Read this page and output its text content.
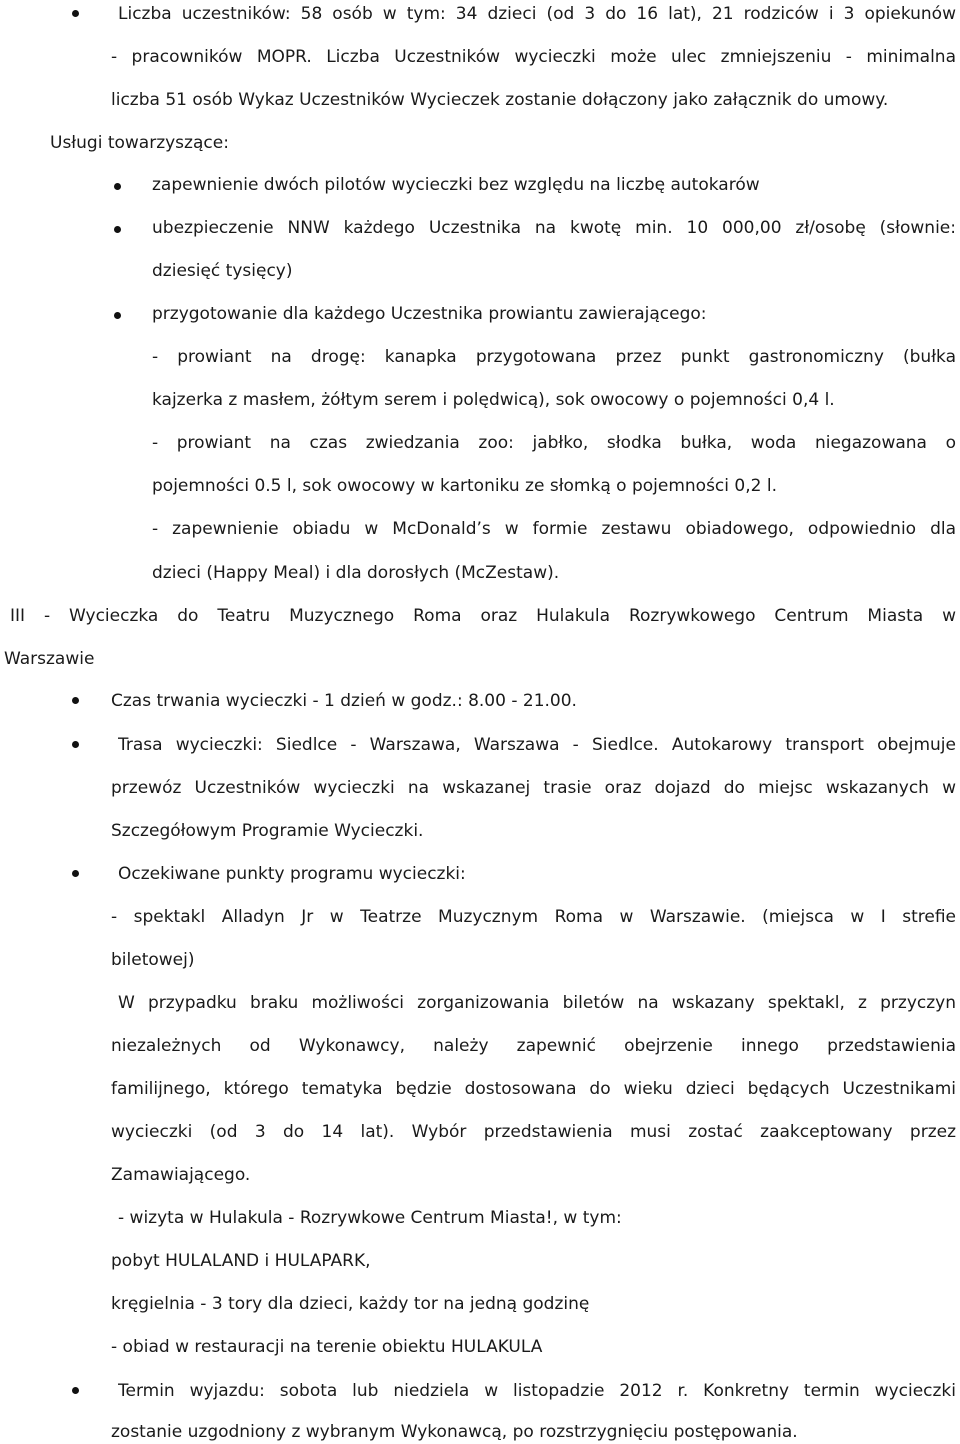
Liczba uczestników: 58 osób w tym: 34 dzieci (od 3 do 16 lat), 21 rodziców i 3 opiekunów
- pracowników MOPR. Liczba Uczestników wycieczki może ulec zmniejszeniu - minimalna
liczba 51 osób Wykaz Uczestników Wycieczek zostanie dołączony jako załącznik do umowy.
Usługi towarzyszące:
zapewnienie dwóch pilotów wycieczki bez względu na liczbę autokarów
ubezpieczenie NNW każdego Uczestnika na kwotę min. 10 000,00 zł/osobę (słownie:
dziesięć tysięcy)
przygotowanie dla każdego Uczestnika prowiantu zawierającego:
- prowiant na drogę: kanapka przygotowana przez punkt gastronomiczny (bułka
kajzerka z masłem, żółtym serem i polędwicą), sok owocowy o pojemności 0,4 l.
- prowiant na czas zwiedzania zoo: jabłko, słodka bułka, woda niegazowana o
pojemności 0.5 l, sok owocowy w kartoniku ze słomką o pojemności 0,2 l.
- zapewnienie obiadu w McDonald’s w formie zestawu obiadowego, odpowiednio dla
dzieci (Happy Meal) i dla dorosłych (McZestaw).
III - Wycieczka do Teatru Muzycznego Roma oraz Hulakula Rozrywkowego Centrum Miasta w
Warszawie
Czas trwania wycieczki - 1 dzień w godz.: 8.00 - 21.00.
Trasa wycieczki: Siedlce - Warszawa, Warszawa - Siedlce. Autokarowy transport obejmuje
przewóz Uczestników wycieczki na wskazanej trasie oraz dojazd do miejsc wskazanych w
Szczegółowym Programie Wycieczki.
Oczekiwane punkty programu wycieczki:
- spektakl Alladyn Jr w Teatrze Muzycznym Roma w Warszawie. (miejsca w I strefie
biletowej)
W przypadku braku możliwości zorganizowania biletów na wskazany spektakl, z przyczyn
niezależnych od Wykonawcy, należy zapewnić obejrzenie innego przedstawienia
familijnego, którego tematyka będzie dostosowana do wieku dzieci będących Uczestnikami
wycieczki (od 3 do 14 lat). Wybór przedstawienia musi zostać zaakceptowany przez
Zamawiającego.
- wizyta w Hulakula - Rozrywkowe Centrum Miasta!, w tym:
pobyt HULALAND i HULAPARK,
kręgielnia - 3 tory dla dzieci, każdy tor na jedną godzinę
- obiad w restauracji na terenie obiektu HULAKULA
Termin wyjazdu: sobota lub niedziela w listopadzie 2012 r. Konkretny termin wycieczki
zostanie uzgodniony z wybranym Wykonawcą, po rozstrzygnięciu postępowania.
